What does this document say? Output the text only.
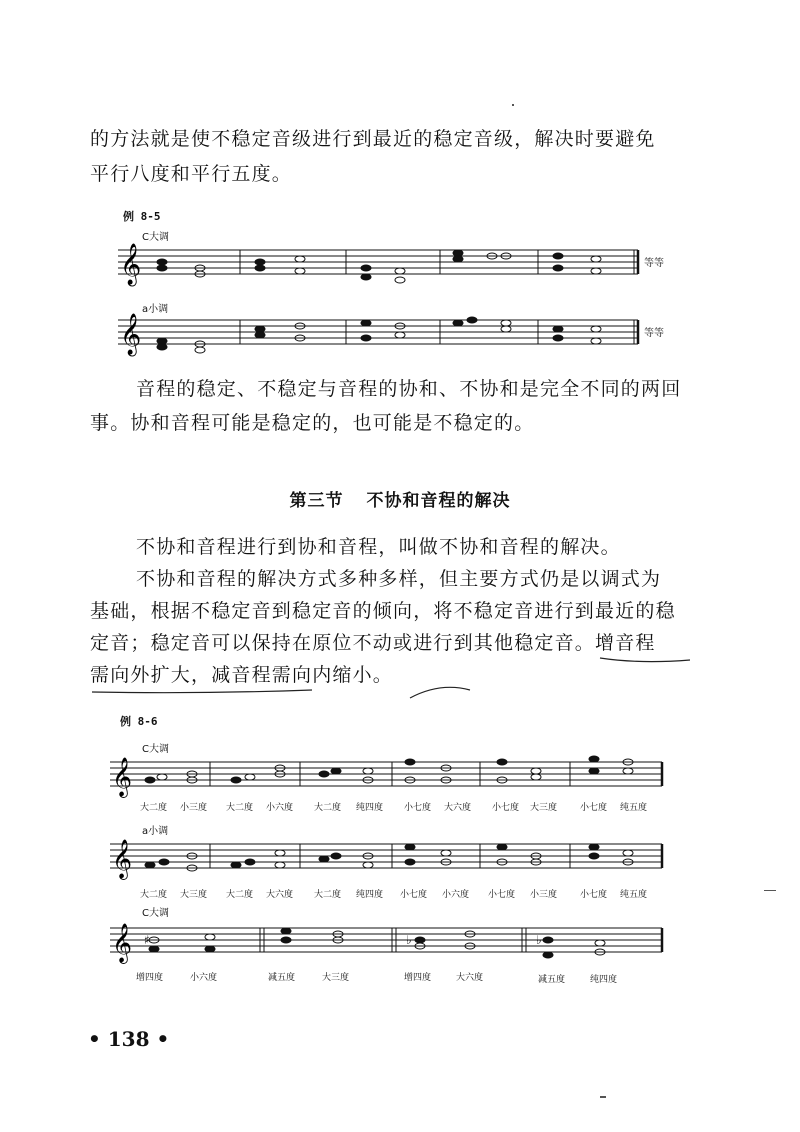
的方法就是使不稳定音级进行到最近的稳定音级，解决时要避免

平行八度和平行五度。

例 8-5
C大调
𝄞	等等
a小调
𝄞	等等

音程的稳定、不稳定与音程的协和、不协和是完全不同的两回

事。协和音程可能是稳定的，也可能是不稳定的。

第三节 不协和音程的解决

不协和音程进行到协和音程，叫做不协和音程的解决。

不协和音程的解决方式多种多样，但主要方式仍是以调式为

基础，根据不稳定音到稳定音的倾向，将不稳定音进行到最近的稳

定音；稳定音可以保持在原位不动或进行到其他稳定音。增音程

需向外扩大，减音程需向内缩小。

例 8-6
C大调
𝄞
大二度 小三度 大二度 小六度 大二度 纯四度 小七度 大六度 小七度 大三度	小七度 纯五度
a小调
𝄞
大二度 大三度 大二度 大六度 大二度 纯四度 小七度 小六度 小七度 小三度	小七度 纯五度
C大调
𝄞 ♯	♭	♭
增四度	小六度	减五度	大三度	增四度	大六度	减五度	纯四度
• 138 •
